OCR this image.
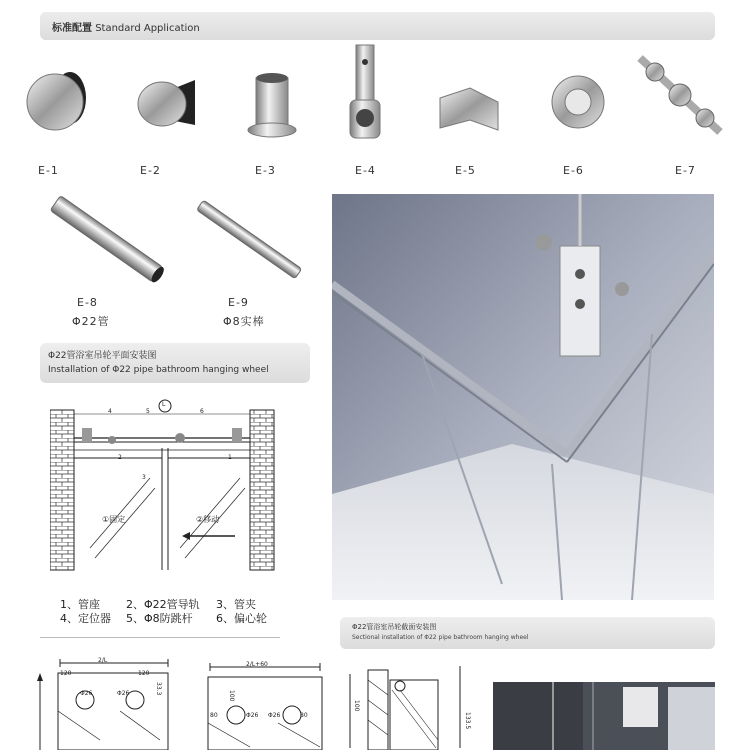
标准配置 Standard Application
E-1	E-2	E-3	E-4	E-5	E-6	E-7
E-8
Φ22管
E-9
Φ8实棒
Φ22管浴室吊轮平面安装图
Installation of Φ22 pipe bathroom hanging wheel
L
4	5	6
2
3
1
①固定	②移动
1、管座 2、Φ22管导轨 3、管夹
4、定位器 5、Φ8防跳杆 6、偏心轮
Φ22管浴室吊轮截面安装图
Sectional installation of Φ22 pipe bathroom hanging wheel
2/L
120	120
Φ26	Φ26	33.3
2/L+60
100
Φ26 Φ26
80	80
100
133.5
